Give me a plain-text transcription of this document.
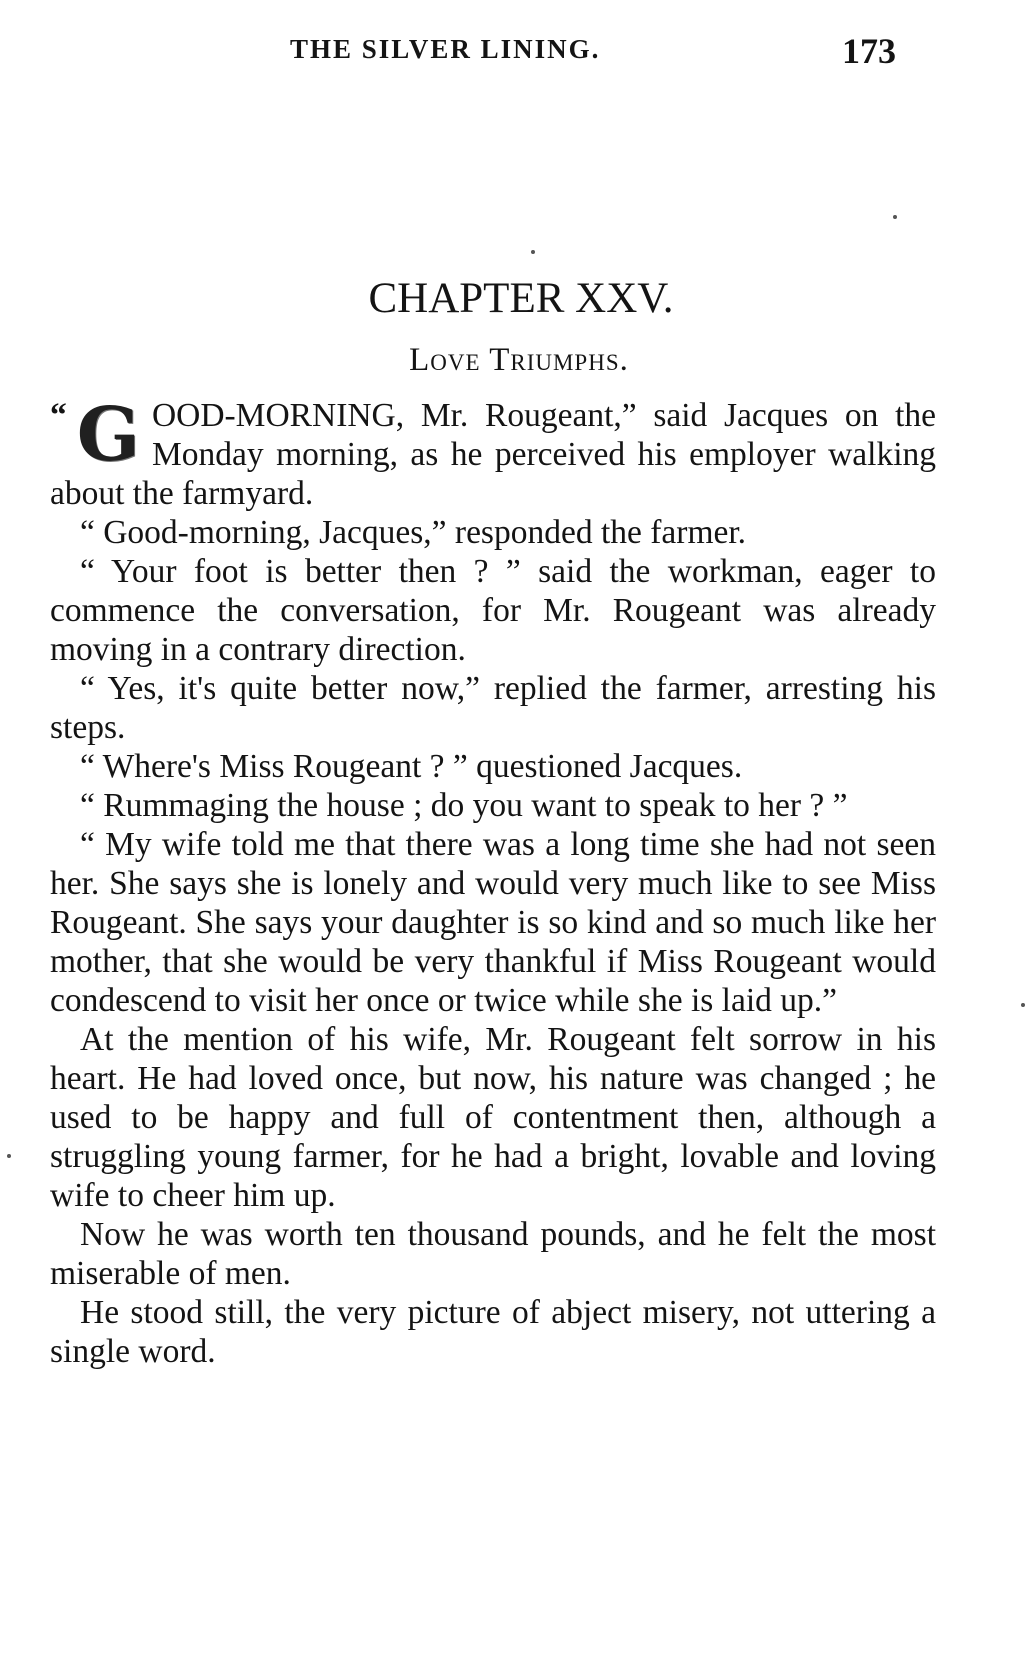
THE SILVER LINING.	173
CHAPTER XXV.
Love Triumphs.

“ G OOD-MORNING, Mr. Rougeant,” said Jacques on the Monday morning, as he perceived his employer walking about the farmyard.

“ Good-morning, Jacques,” responded the farmer.

“ Your foot is better then ? ” said the workman, eager to commence the conversation, for Mr. Rougeant was already moving in a contrary direction.

“ Yes, it's quite better now,” replied the farmer, arresting his steps.

“ Where's Miss Rougeant ? ” questioned Jacques.

“ Rummaging the house ; do you want to speak to her ? ”

“ My wife told me that there was a long time she had not seen her. She says she is lonely and would very much like to see Miss Rougeant. She says your daughter is so kind and so much like her mother, that she would be very thankful if Miss Rougeant would condescend to visit her once or twice while she is laid up.”

At the mention of his wife, Mr. Rougeant felt sorrow in his heart. He had loved once, but now, his nature was changed ; he used to be happy and full of contentment then, although a struggling young farmer, for he had a bright, lovable and loving wife to cheer him up.

Now he was worth ten thousand pounds, and he felt the most miserable of men.

He stood still, the very picture of abject misery, not uttering a single word.
